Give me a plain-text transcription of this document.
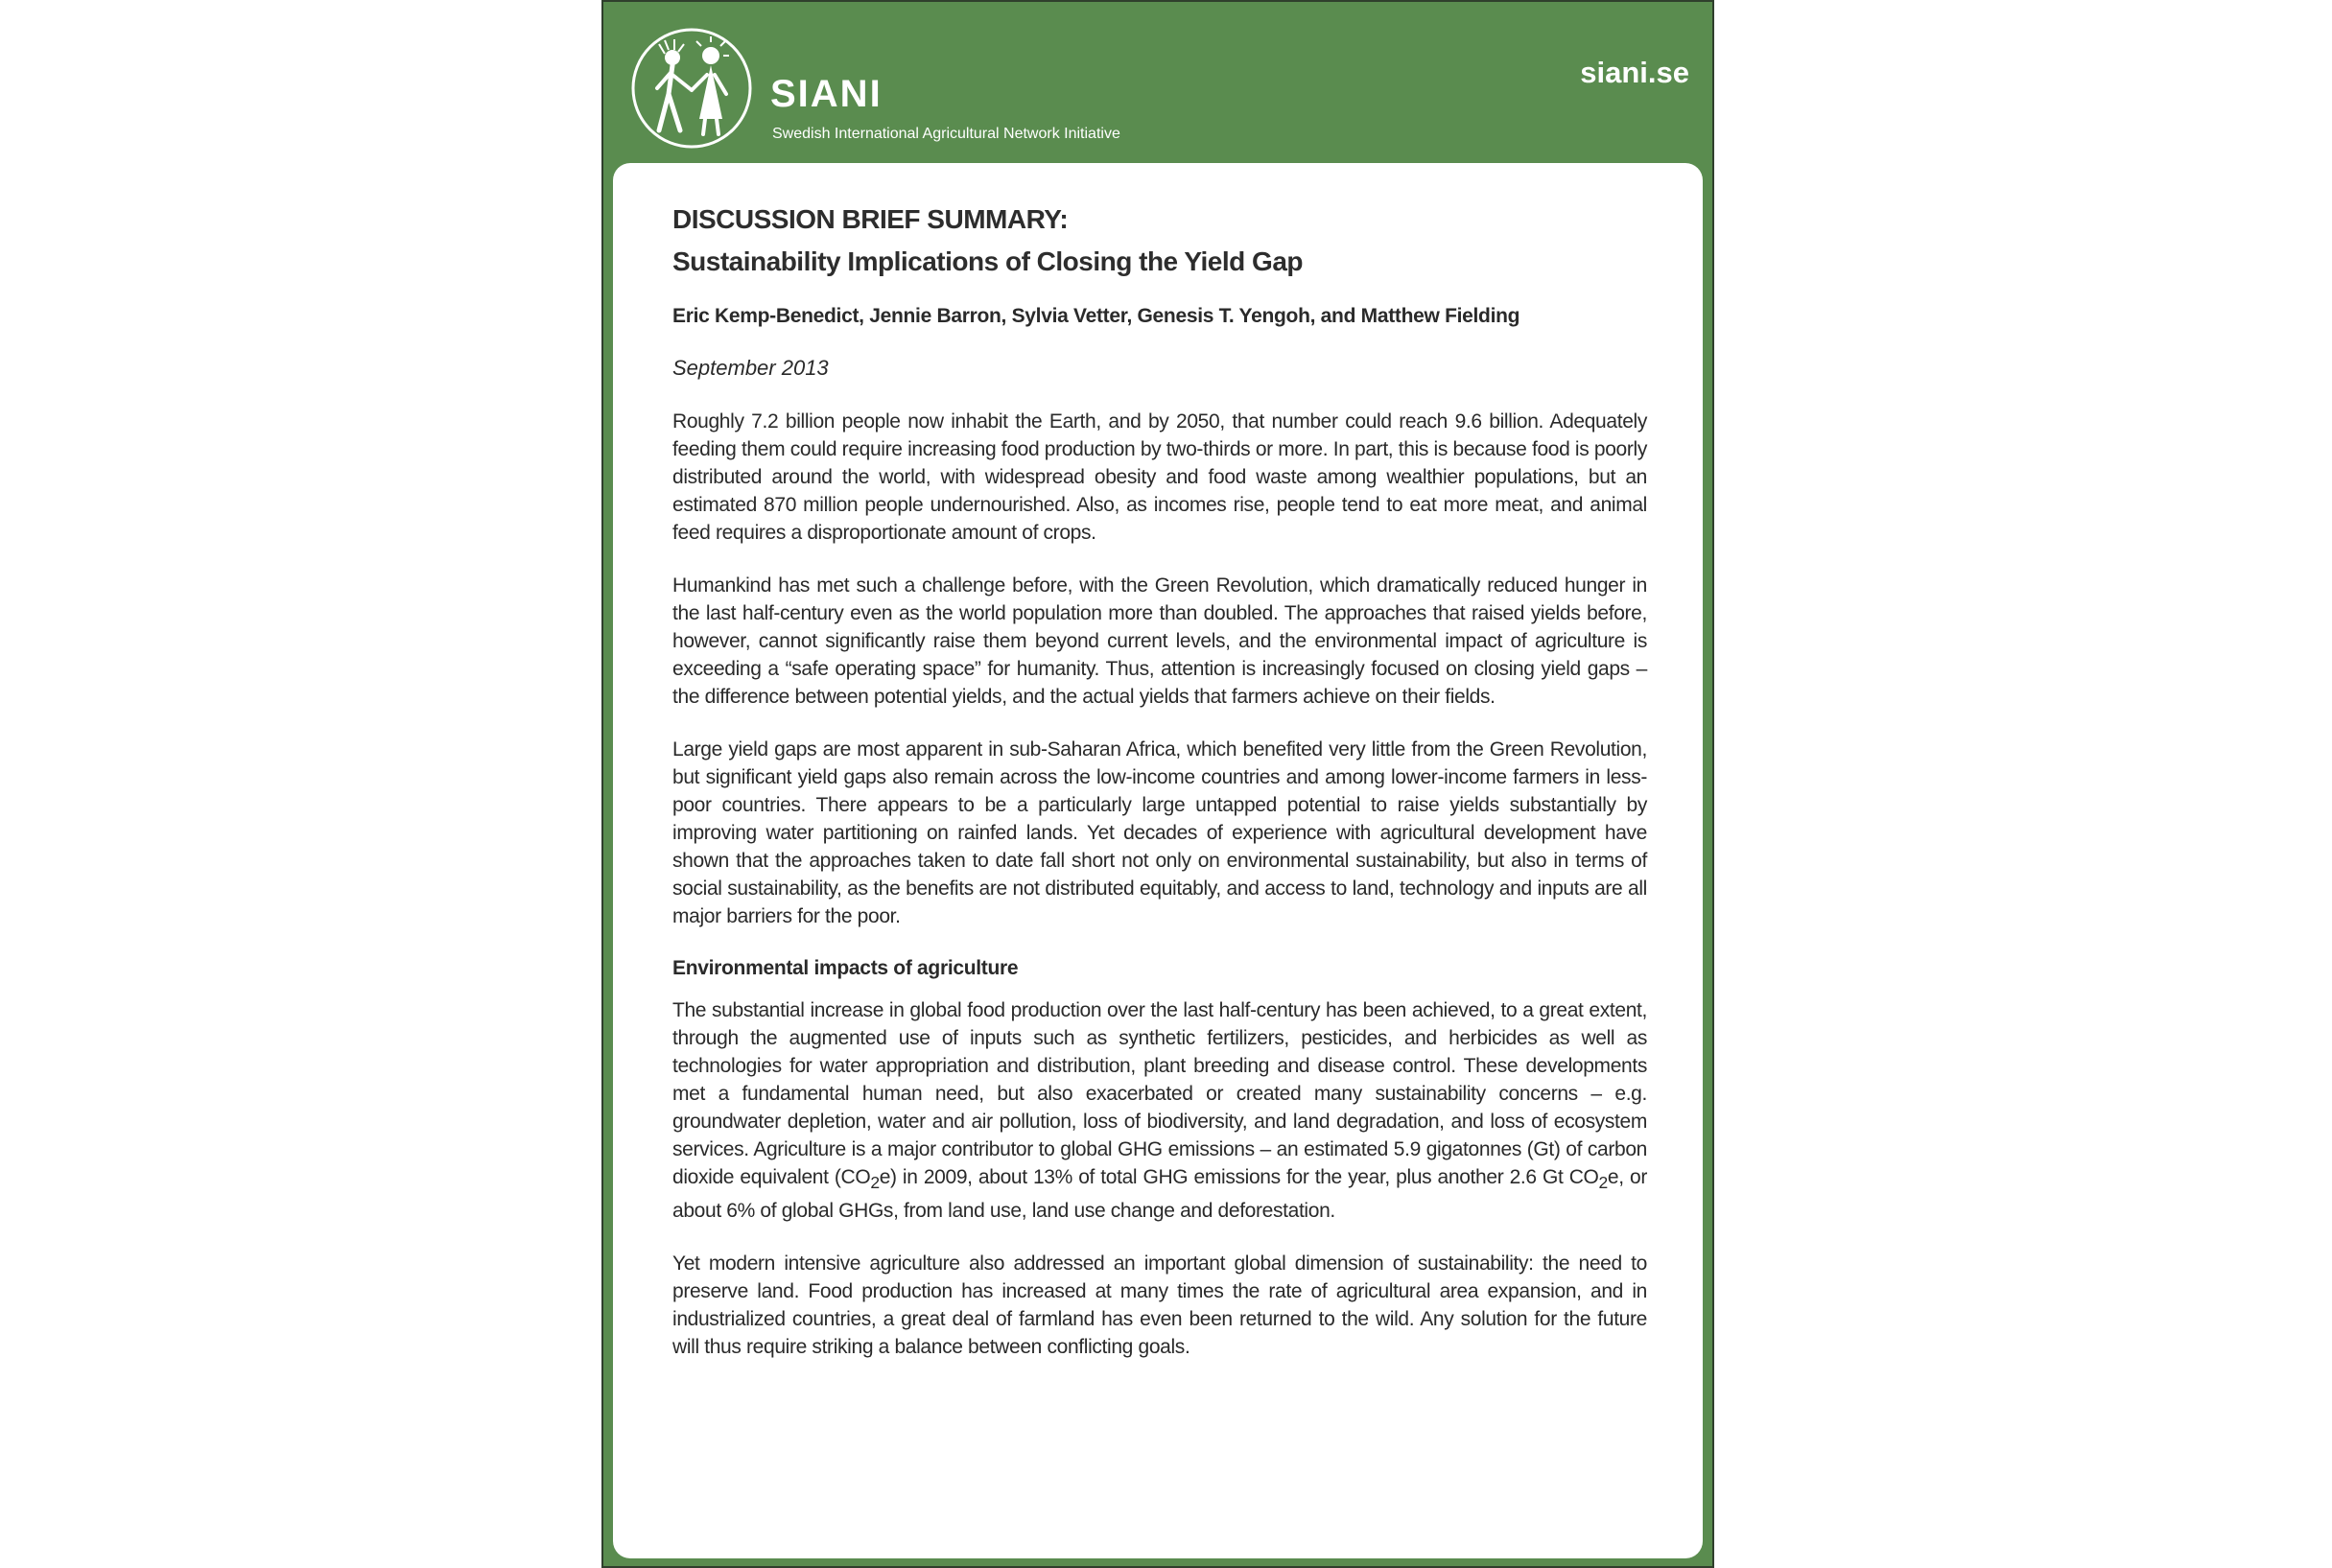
SIANI
Swedish International Agricultural Network Initiative
siani.se
DISCUSSION BRIEF SUMMARY:
Sustainability Implications of Closing the Yield Gap

Eric Kemp-Benedict, Jennie Barron, Sylvia Vetter, Genesis T. Yengoh, and Matthew Fielding

September 2013

Roughly 7.2 billion people now inhabit the Earth, and by 2050, that number could reach 9.6 billion. Adequately feeding them could require increasing food production by two-thirds or more. In part, this is because food is poorly distributed around the world, with widespread obesity and food waste among wealthier populations, but an estimated 870 million people undernourished. Also, as incomes rise, people tend to eat more meat, and animal feed requires a disproportionate amount of crops.

Humankind has met such a challenge before, with the Green Revolution, which dramatically reduced hunger in the last half-century even as the world population more than doubled. The approaches that raised yields before, however, cannot significantly raise them beyond current levels, and the environmental impact of agriculture is exceeding a “safe operating space” for humanity. Thus, attention is increasingly focused on closing yield gaps –the difference between potential yields, and the actual yields that farmers achieve on their fields.

Large yield gaps are most apparent in sub-Saharan Africa, which benefited very little from the Green Revolution, but significant yield gaps also remain across the low-income countries and among lower-income farmers in less-poor countries. There appears to be a particularly large untapped potential to raise yields substantially by improving water partitioning on rainfed lands. Yet decades of experience with agricultural development have shown that the approaches taken to date fall short not only on environmental sustainability, but also in terms of social sustainability, as the benefits are not distributed equitably, and access to land, technology and inputs are all major barriers for the poor.

Environmental impacts of agriculture

The substantial increase in global food production over the last half-century has been achieved, to a great extent, through the augmented use of inputs such as synthetic fertilizers, pesticides, and herbicides as well as technologies for water appropriation and distribution, plant breeding and disease control. These developments met a fundamental human need, but also exacerbated or created many sustainability concerns – e.g. groundwater depletion, water and air pollution, loss of biodiversity, and land degradation, and loss of ecosystem services. Agriculture is a major contributor to global GHG emissions – an estimated 5.9 gigatonnes (Gt) of carbon dioxide equivalent $(CO_2e)$ in 2009, about 13% of total GHG emissions for the year, plus another 2.6 Gt $CO_2e$, or about 6% of global GHGs, from land use, land use change and deforestation.

Yet modern intensive agriculture also addressed an important global dimension of sustainability: the need to preserve land. Food production has increased at many times the rate of agricultural area expansion, and in industrialized countries, a great deal of farmland has even been returned to the wild. Any solution for the future will thus require striking a balance between conflicting goals.
